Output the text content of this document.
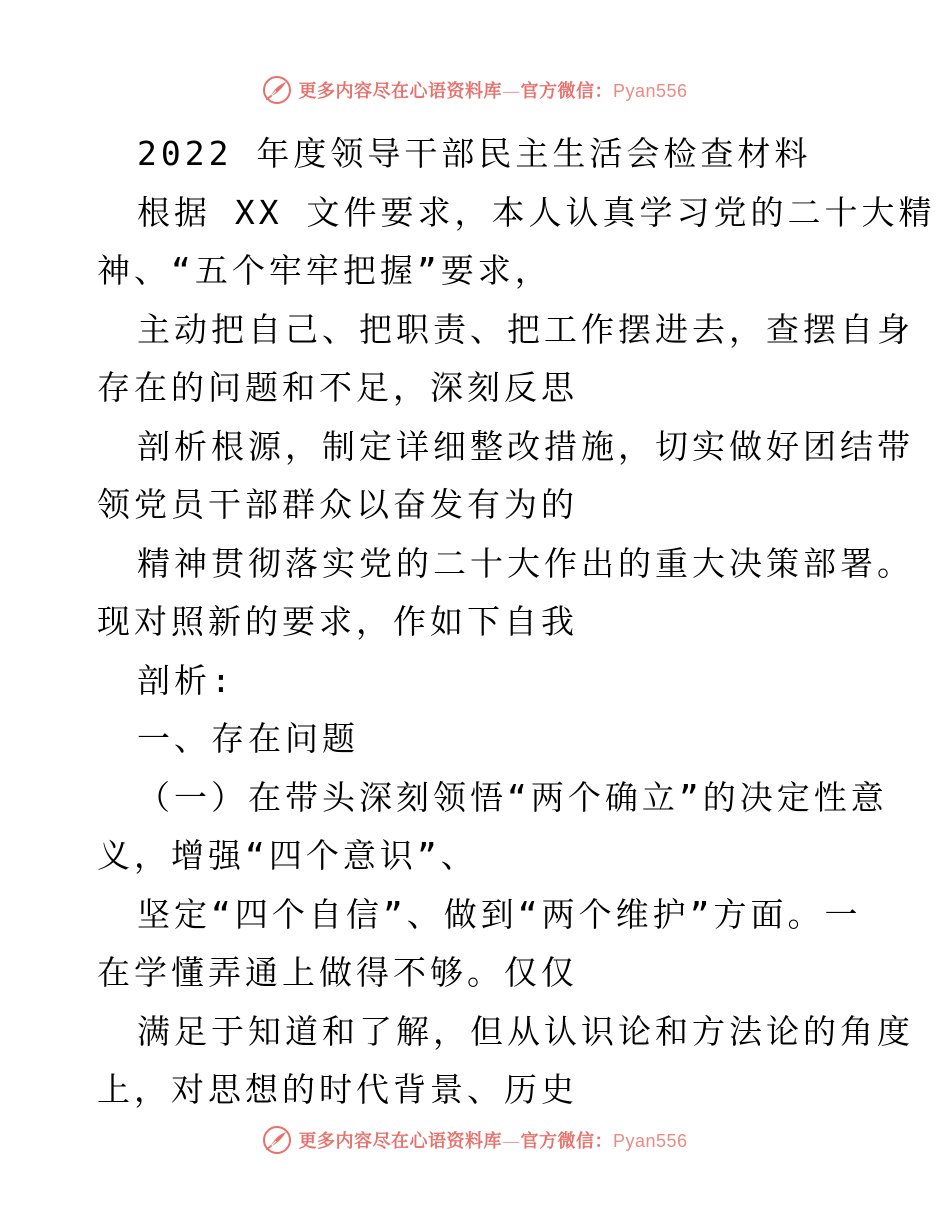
更多内容尽在心语资料库—官方微信：Pyan556
2022 年度领导干部民主生活会检查材料
根据 XX 文件要求，本人认真学习党的二十大精
神、“五个牢牢把握”要求，
主动把自己、把职责、把工作摆进去，查摆自身
存在的问题和不足，深刻反思
剖析根源，制定详细整改措施，切实做好团结带
领党员干部群众以奋发有为的
精神贯彻落实党的二十大作出的重大决策部署。
现对照新的要求，作如下自我
剖析:
一、存在问题
（一）在带头深刻领悟“两个确立”的决定性意
义，增强“四个意识”、
坚定“四个自信”、做到“两个维护”方面。一
在学懂弄通上做得不够。仅仅
满足于知道和了解，但从认识论和方法论的角度
上，对思想的时代背景、历史
更多内容尽在心语资料库—官方微信：Pyan556
